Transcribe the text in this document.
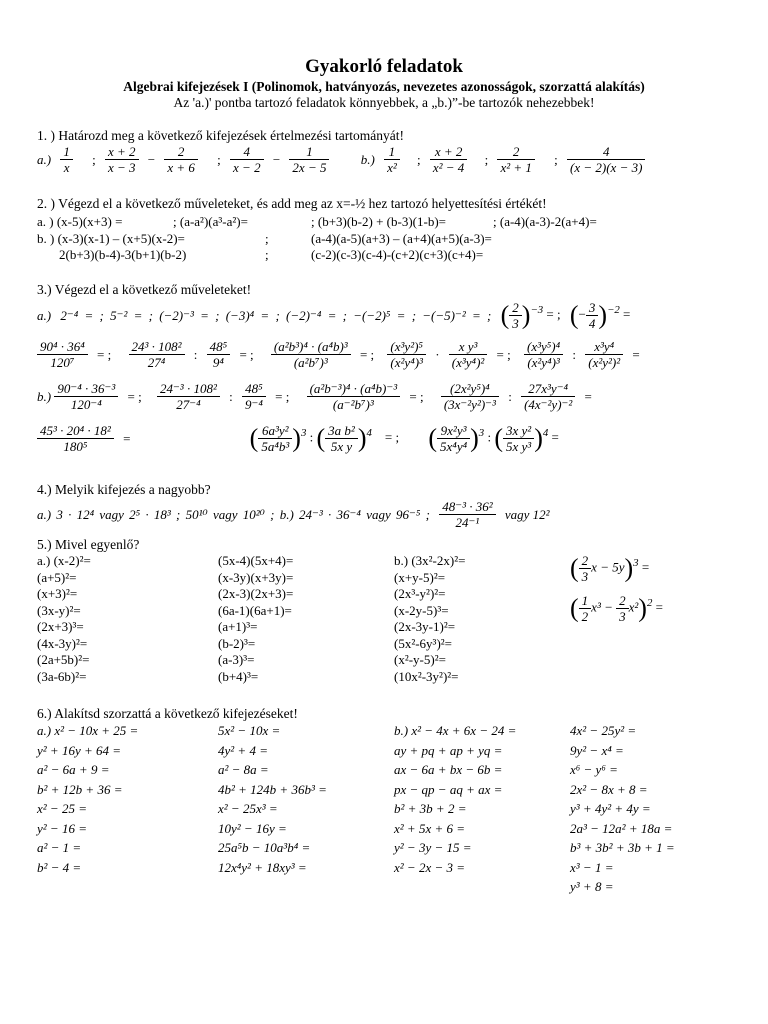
Gyakorló feladatok
Algebrai kifejezések I (Polinomok, hatványozás, nevezetes azonosságok, szorzattá alakítás)
Az 'a.)' pontba tartozó feladatok könnyebbek, a „b.)”-be tartozók nehezebbek!
1. ) Határozd meg a következő kifejezések értelmezési tartományát!
$a.) \frac{1}{x}$ ; $\frac{x + 2}{x - 3} - \frac{2}{x + 6}$ ; $\frac{4}{x - 2} - \frac{1}{2x - 5} b.) \frac{1}{\text{x²}}$ ; $\frac{x + 2}{\text{x² − 4}}$ ; $\frac{2}{\text{x² + 1}}$ ; $\frac{4}{(x - 2)(x - 3)}$
2. ) Végezd el a következő műveleteket, és add meg az x=-½ hez tartozó helyettesítési értékét!
a. ) (x-5)(x+3) =	; (a-a²)(a³-a²)=	; (b+3)(b-2) + (b-3)(1-b)=	; (a-4)(a-3)-2(a+4)=
b. ) (x-3)(x-1) – (x+5)(x-2)=	;	(a-4)(a-5)(a+3) – (a+4)(a+5)(a-3)=
2(b+3)(b-4)-3(b+1)(b-2)	;	(c-2)(c-3)(c-4)-(c+2)(c+3)(c+4)=
3.) Végezd el a következő műveleteket!
a.) 2⁻⁴ = ; 5⁻² = ; (−2)⁻³ = ; (−3)⁴ = ; (−2)⁻⁴ = ; −(−2)⁵ = ; −(−5)⁻² = ; ( $\frac{2}{3} )^{-3}$ = ; (− $\frac{3}{4} )^{-2}$ =
$\frac{\text{90⁴ · 36⁴}}{\text{120⁷}}$ = ; $\frac{\text{24³ · 108²}}{\text{27⁴}}$ : $\frac{\text{48⁵}}{\text{9⁴}}$ = ; $\frac{\text{(a²b³)⁴ · (a⁴b)³}}{\text{(a²b⁷)³}}$ = ; $\frac{\text{(x³y²)⁵}}{\text{(x²y⁴)³}} \cdot \frac{\text{x y³}}{\text{(x³y⁴)²}}$ = ; $\frac{\text{(x³y⁵)⁴}}{\text{(x²y⁴)³}}$ : $\frac{\text{x³y⁴}}{\text{(x²y²)²}}$ =
$b.) \frac{\text{90⁻⁴ · 36⁻³}}{\text{120⁻⁴}}$ = ; $\frac{\text{24⁻³ · 108²}}{\text{27⁻⁴}}$ : $\frac{\text{48⁵}}{\text{9⁻⁴}}$ = ; $\frac{\text{(a²b⁻³)⁴ · (a⁴b)⁻³}}{\text{(a⁻²b⁷)³}}$ = ; $\frac{\text{(2x²y⁵)⁴}}{\text{(3x⁻²y²)⁻³}}$ : $\frac{\text{27x³y⁻⁴}}{\text{(4x⁻²y)⁻²}}$ =
$\frac{\text{45³ · 20⁴ · 18²}}{\text{180⁵}}$ =	( $\frac{\text{6a³y²}}{\text{5a⁴b³}} )^3$ : ( $\frac{\text{3a b²}}{\text{5x y}} )^4$ = ; ( $\frac{\text{9x²y³}}{\text{5x⁴y⁴}} )^3$ : ( $\frac{\text{3x y²}}{\text{5x y³}} )^4$ =
4.) Melyik kifejezés a nagyobb?
a.) 3 · 12⁴ vagy 2⁵ · 18³ ; 50¹⁰ vagy 10²⁰ ; b.) 24⁻³ · 36⁻⁴ vagy 96⁻⁵ ; $\frac{\text{48⁻³ · 36²}}{\text{24⁻¹}}$ vagy 12²
5.) Mivel egyenlő?
a.) (x-2)²=
(a+5)²=
(x+3)²=
(3x-y)²=
(2x+3)³=
(4x-3y)²=
(2a+5b)²=
(3a-6b)²=
(5x-4)(5x+4)=
(x-3y)(x+3y)=
(2x-3)(2x+3)=
(6a-1)(6a+1)=
(a+1)³=
(b-2)³=
(a-3)³=
(b+4)³=
b.) (3x²-2x)²=
(x+y-5)²=
(2x³-y²)²=
(x-2y-5)³=
(2x-3y-1)²=
(5x²-6y³)²=
(x²-y-5)²=
(10x²-3y²)²=
( $\frac{2}{3}$ x − 5y)$^3$ =
( $\frac{1}{2} x^3 - \frac{2}{3} x^2)^2$ =
6.) Alakítsd szorzattá a következő kifejezéseket!
a.) x² − 10x + 25 =
y² + 16y + 64 =
a² − 6a + 9 =
b² + 12b + 36 =
x² − 25 =
y² − 16 =
a² − 1 =
b² − 4 =
5x² − 10x =
4y² + 4 =
a² − 8a =
4b² + 124b + 36b³ =
x² − 25x³ =
10y² − 16y =
25a⁵b − 10a³b⁴ =
12x⁴y² + 18xy³ =
b.) x² − 4x + 6x − 24 =
ay + pq + ap + yq =
ax − 6a + bx − 6b =
px − qp − aq + ax =
b² + 3b + 2 =
x² + 5x + 6 =
y² − 3y − 15 =
x² − 2x − 3 =
4x² − 25y² =
9y² − x⁴ =
x⁶ − y⁶ =
2x² − 8x + 8 =
y³ + 4y² + 4y =
2a³ − 12a² + 18a =
b³ + 3b² + 3b + 1 =
x³ − 1 =
y³ + 8 =
